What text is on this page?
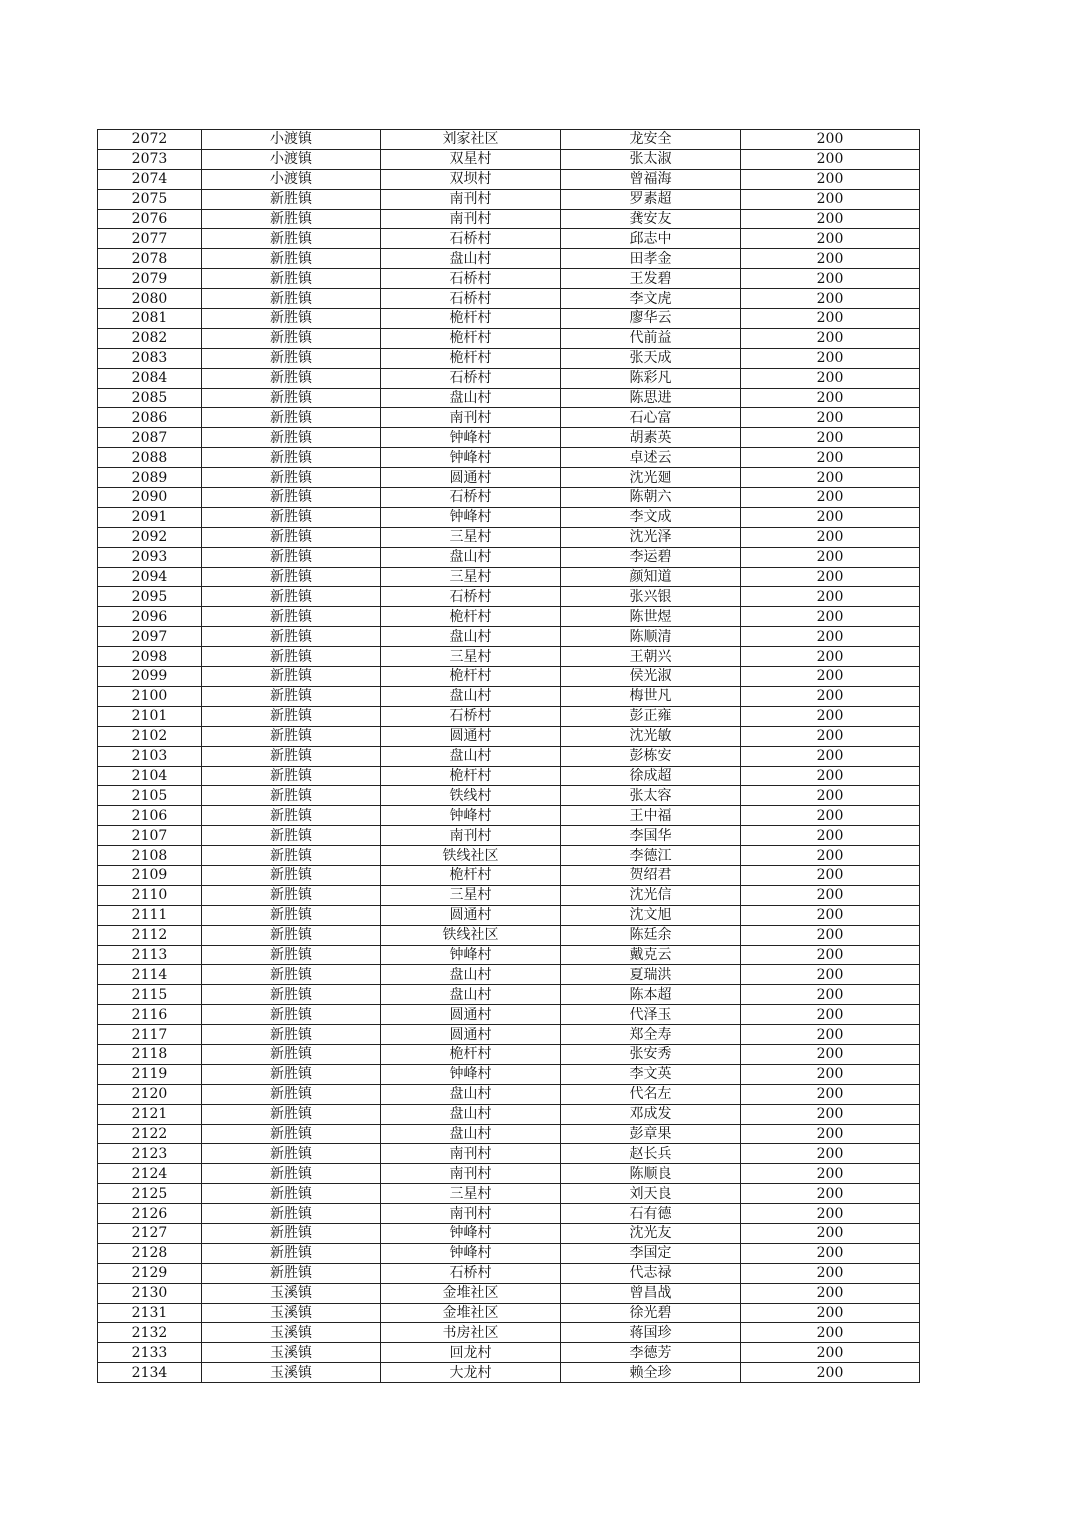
2072	小渡镇	刘家社区	龙安全	200
2073	小渡镇	双星村	张太淑	200
2074	小渡镇	双坝村	曾福海	200
2075	新胜镇	南刊村	罗素超	200
2076	新胜镇	南刊村	龚安友	200
2077	新胜镇	石桥村	邱志中	200
2078	新胜镇	盘山村	田孝金	200
2079	新胜镇	石桥村	王发碧	200
2080	新胜镇	石桥村	李文虎	200
2081	新胜镇	桅杆村	廖华云	200
2082	新胜镇	桅杆村	代前益	200
2083	新胜镇	桅杆村	张天成	200
2084	新胜镇	石桥村	陈彩凡	200
2085	新胜镇	盘山村	陈思进	200
2086	新胜镇	南刊村	石心富	200
2087	新胜镇	钟峰村	胡素英	200
2088	新胜镇	钟峰村	卓述云	200
2089	新胜镇	圆通村	沈光廻	200
2090	新胜镇	石桥村	陈朝六	200
2091	新胜镇	钟峰村	李文成	200
2092	新胜镇	三星村	沈光泽	200
2093	新胜镇	盘山村	李运碧	200
2094	新胜镇	三星村	颜知道	200
2095	新胜镇	石桥村	张兴银	200
2096	新胜镇	桅杆村	陈世煜	200
2097	新胜镇	盘山村	陈顺清	200
2098	新胜镇	三星村	王朝兴	200
2099	新胜镇	桅杆村	侯光淑	200
2100	新胜镇	盘山村	梅世凡	200
2101	新胜镇	石桥村	彭正雍	200
2102	新胜镇	圆通村	沈光敏	200
2103	新胜镇	盘山村	彭栋安	200
2104	新胜镇	桅杆村	徐成超	200
2105	新胜镇	铁线村	张太容	200
2106	新胜镇	钟峰村	王中福	200
2107	新胜镇	南刊村	李国华	200
2108	新胜镇	铁线社区	李德江	200
2109	新胜镇	桅杆村	贺绍君	200
2110	新胜镇	三星村	沈光信	200
2111	新胜镇	圆通村	沈文旭	200
2112	新胜镇	铁线社区	陈廷余	200
2113	新胜镇	钟峰村	戴克云	200
2114	新胜镇	盘山村	夏瑞洪	200
2115	新胜镇	盘山村	陈本超	200
2116	新胜镇	圆通村	代泽玉	200
2117	新胜镇	圆通村	郑全寿	200
2118	新胜镇	桅杆村	张安秀	200
2119	新胜镇	钟峰村	李文英	200
2120	新胜镇	盘山村	代名左	200
2121	新胜镇	盘山村	邓成发	200
2122	新胜镇	盘山村	彭章果	200
2123	新胜镇	南刊村	赵长兵	200
2124	新胜镇	南刊村	陈顺良	200
2125	新胜镇	三星村	刘天良	200
2126	新胜镇	南刊村	石有德	200
2127	新胜镇	钟峰村	沈光友	200
2128	新胜镇	钟峰村	李国定	200
2129	新胜镇	石桥村	代志禄	200
2130	玉溪镇	金堆社区	曾昌战	200
2131	玉溪镇	金堆社区	徐光碧	200
2132	玉溪镇	书房社区	蒋国珍	200
2133	玉溪镇	回龙村	李德芳	200
2134	玉溪镇	大龙村	赖全珍	200
